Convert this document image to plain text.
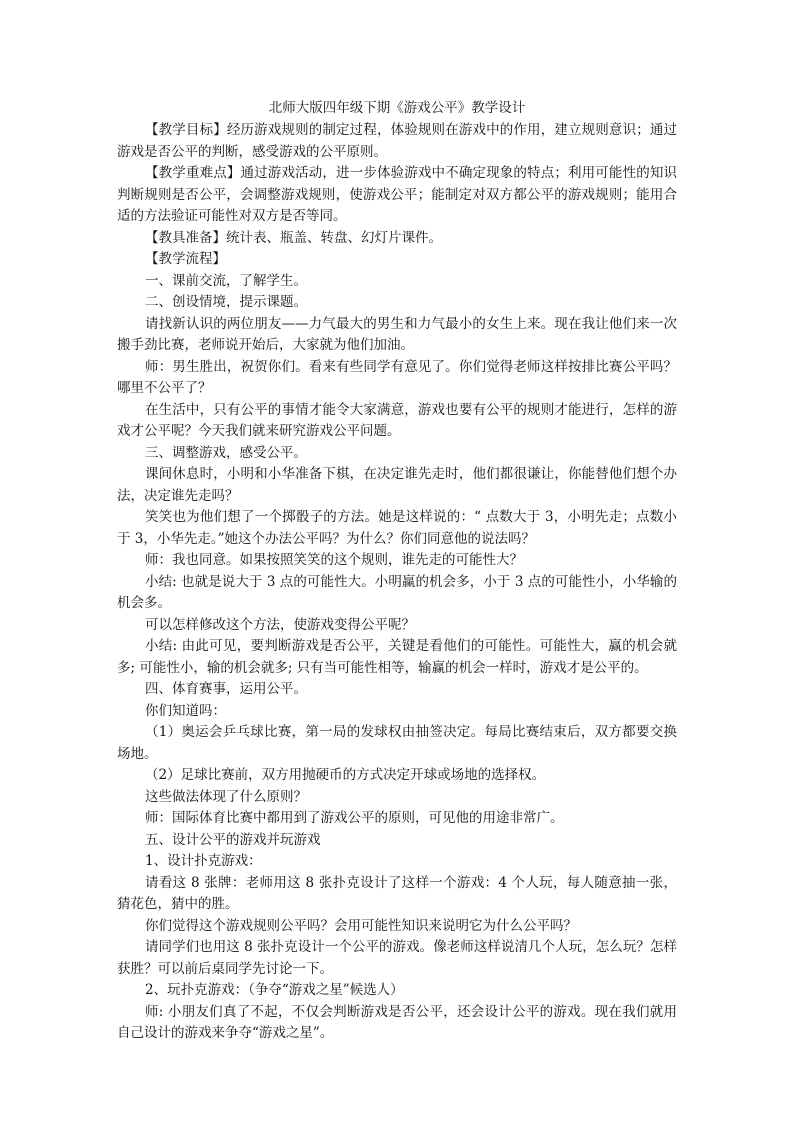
北师大版四年级下期《游戏公平》教学设计

【教学目标】经历游戏规则的制定过程，体验规则在游戏中的作用，建立规则意识；通过游戏是否公平的判断，感受游戏的公平原则。

【教学重难点】通过游戏活动，进一步体验游戏中不确定现象的特点；利用可能性的知识判断规则是否公平，会调整游戏规则，使游戏公平；能制定对双方都公平的游戏规则；能用合适的方法验证可能性对双方是否等同。

【教具准备】统计表、瓶盖、转盘、幻灯片课件。

【教学流程】

一、课前交流，了解学生。

二、创设情境，提示课题。

请找新认识的两位朋友——力气最大的男生和力气最小的女生上来。现在我让他们来一次搬手劲比赛，老师说开始后，大家就为他们加油。

师：男生胜出，祝贺你们。看来有些同学有意见了。你们觉得老师这样按排比赛公平吗？哪里不公平了？

在生活中，只有公平的事情才能令大家满意，游戏也要有公平的规则才能进行，怎样的游戏才公平呢？今天我们就来研究游戏公平问题。

三、调整游戏，感受公平。

课间休息时，小明和小华准备下棋，在决定谁先走时，他们都很谦让，你能替他们想个办法，决定谁先走吗？

笑笑也为他们想了一个掷骰子的方法。她是这样说的：“ 点数大于 3，小明先走；点数小于 3，小华先走。”她这个办法公平吗？为什么？你们同意他的说法吗？

师：我也同意。如果按照笑笑的这个规则，谁先走的可能性大？

小结: 也就是说大于 3 点的可能性大。小明赢的机会多，小于 3 点的可能性小，小华输的机会多。

可以怎样修改这个方法，使游戏变得公平呢？

小结: 由此可见，要判断游戏是否公平，关键是看他们的可能性。可能性大，赢的机会就多; 可能性小，输的机会就多; 只有当可能性相等，输赢的机会一样时，游戏才是公平的。

四、体育赛事，运用公平。

你们知道吗：

（1）奥运会乒乓球比赛，第一局的发球权由抽签决定。每局比赛结束后，双方都要交换场地。

（2）足球比赛前，双方用抛硬币的方式决定开球或场地的选择权。

这些做法体现了什么原则？

师：国际体育比赛中都用到了游戏公平的原则，可见他的用途非常广。

五、设计公平的游戏并玩游戏

1、设计扑克游戏：

请看这 8 张牌：老师用这 8 张扑克设计了这样一个游戏：4 个人玩，每人随意抽一张，猜花色，猜中的胜。

你们觉得这个游戏规则公平吗？会用可能性知识来说明它为什么公平吗？

请同学们也用这 8 张扑克设计一个公平的游戏。像老师这样说清几个人玩，怎么玩？怎样获胜？可以前后桌同学先讨论一下。

2、玩扑克游戏：（争夺“游戏之星”候选人）

师: 小朋友们真了不起，不仅会判断游戏是否公平，还会设计公平的游戏。现在我们就用自己设计的游戏来争夺“游戏之星”。
